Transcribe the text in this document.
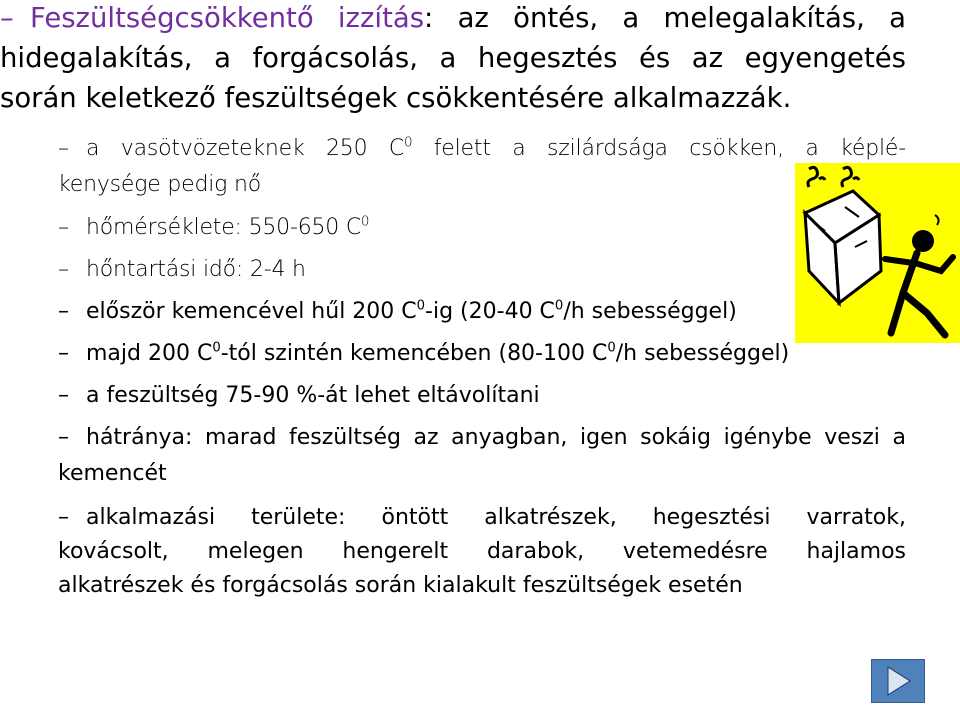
– Feszültségcsökkentő izzítás: az öntés, a melegalakítás, a
hidegalakítás, a forgácsolás, a hegesztés és az egyengetés
során keletkező feszültségek csökkentésére alkalmazzák.
– a vasötvözeteknek 250 $C^0$ felett a szilárdsága csökken, a képlé-
kenysége pedig nő
– hőmérséklete: 550-650 $C^0$
– hőntartási idő: 2-4 h
– először kemencével hűl 200 $C^0-ig$ (20-40 $C^0/h$ sebességgel)
– majd 200 $C^0$-tól szintén kemencében (80-100 $C^0/h$ sebességgel)
– a feszültség 75-90 %-át lehet eltávolítani
– hátránya: marad feszültség az anyagban, igen sokáig igénybe veszi a
kemencét
– alkalmazási területe: öntött alkatrészek, hegesztési varratok,
kovácsolt, melegen hengerelt darabok, vetemedésre hajlamos
alkatrészek és forgácsolás során kialakult feszültségek esetén
